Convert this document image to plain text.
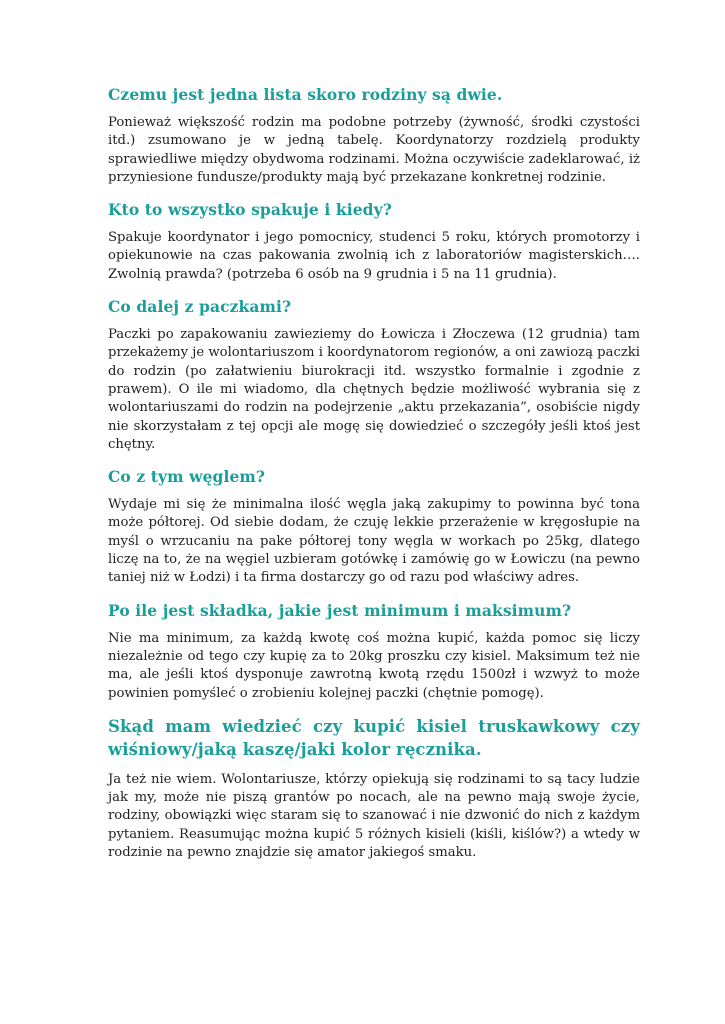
Czemu jest jedna lista skoro rodziny są dwie.

Ponieważ większość rodzin ma podobne potrzeby (żywność, środki czystości itd.) zsumowano je w jedną tabelę. Koordynatorzy rozdzielą produkty sprawiedliwe między obydwoma rodzinami. Można oczywiście zadeklarować, iż przyniesione fundusze/produkty mają być przekazane konkretnej rodzinie.

Kto to wszystko spakuje i kiedy?

Spakuje koordynator i jego pomocnicy, studenci 5 roku, których promotorzy i opiekunowie na czas pakowania zwolnią ich z laboratoriów magisterskich…. Zwolnią prawda? (potrzeba 6 osób na 9 grudnia i 5 na 11 grudnia).

Co dalej z paczkami?

Paczki po zapakowaniu zawieziemy do Łowicza i Złoczewa (12 grudnia) tam przekażemy je wolontariuszom i koordynatorom regionów, a oni zawiozą paczki do rodzin (po załatwieniu biurokracji itd. wszystko formalnie i zgodnie z prawem). O ile mi wiadomo, dla chętnych będzie możliwość wybrania się z wolontariuszami do rodzin na podejrzenie „aktu przekazania”, osobiście nigdy nie skorzystałam z tej opcji ale mogę się dowiedzieć o szczegóły jeśli ktoś jest chętny.

Co z tym węglem?

Wydaje mi się że minimalna ilość węgla jaką zakupimy to powinna być tona może półtorej. Od siebie dodam, że czuję lekkie przerażenie w kręgosłupie na myśl o wrzucaniu na pake półtorej tony węgla w workach po 25kg, dlatego liczę na to, że na węgiel uzbieram gotówkę i zamówię go w Łowiczu (na pewno taniej niż w Łodzi) i ta firma dostarczy go od razu pod właściwy adres.

Po ile jest składka, jakie jest minimum i maksimum?

Nie ma minimum, za każdą kwotę coś można kupić, każda pomoc się liczy niezależnie od tego czy kupię za to 20kg proszku czy kisiel. Maksimum też nie ma, ale jeśli ktoś dysponuje zawrotną kwotą rzędu 1500zł i wzwyż to może powinien pomyśleć o zrobieniu kolejnej paczki (chętnie pomogę).

Skąd mam wiedzieć czy kupić kisiel truskawkowy czy wiśniowy/jaką kaszę/jaki kolor ręcznika.

Ja też nie wiem. Wolontariusze, którzy opiekują się rodzinami to są tacy ludzie jak my, może nie piszą grantów po nocach, ale na pewno mają swoje życie, rodziny, obowiązki więc staram się to szanować i nie dzwonić do nich z każdym pytaniem. Reasumując można kupić 5 różnych kisieli (kiśli, kiślów?) a wtedy w rodzinie na pewno znajdzie się amator jakiegoś smaku.
